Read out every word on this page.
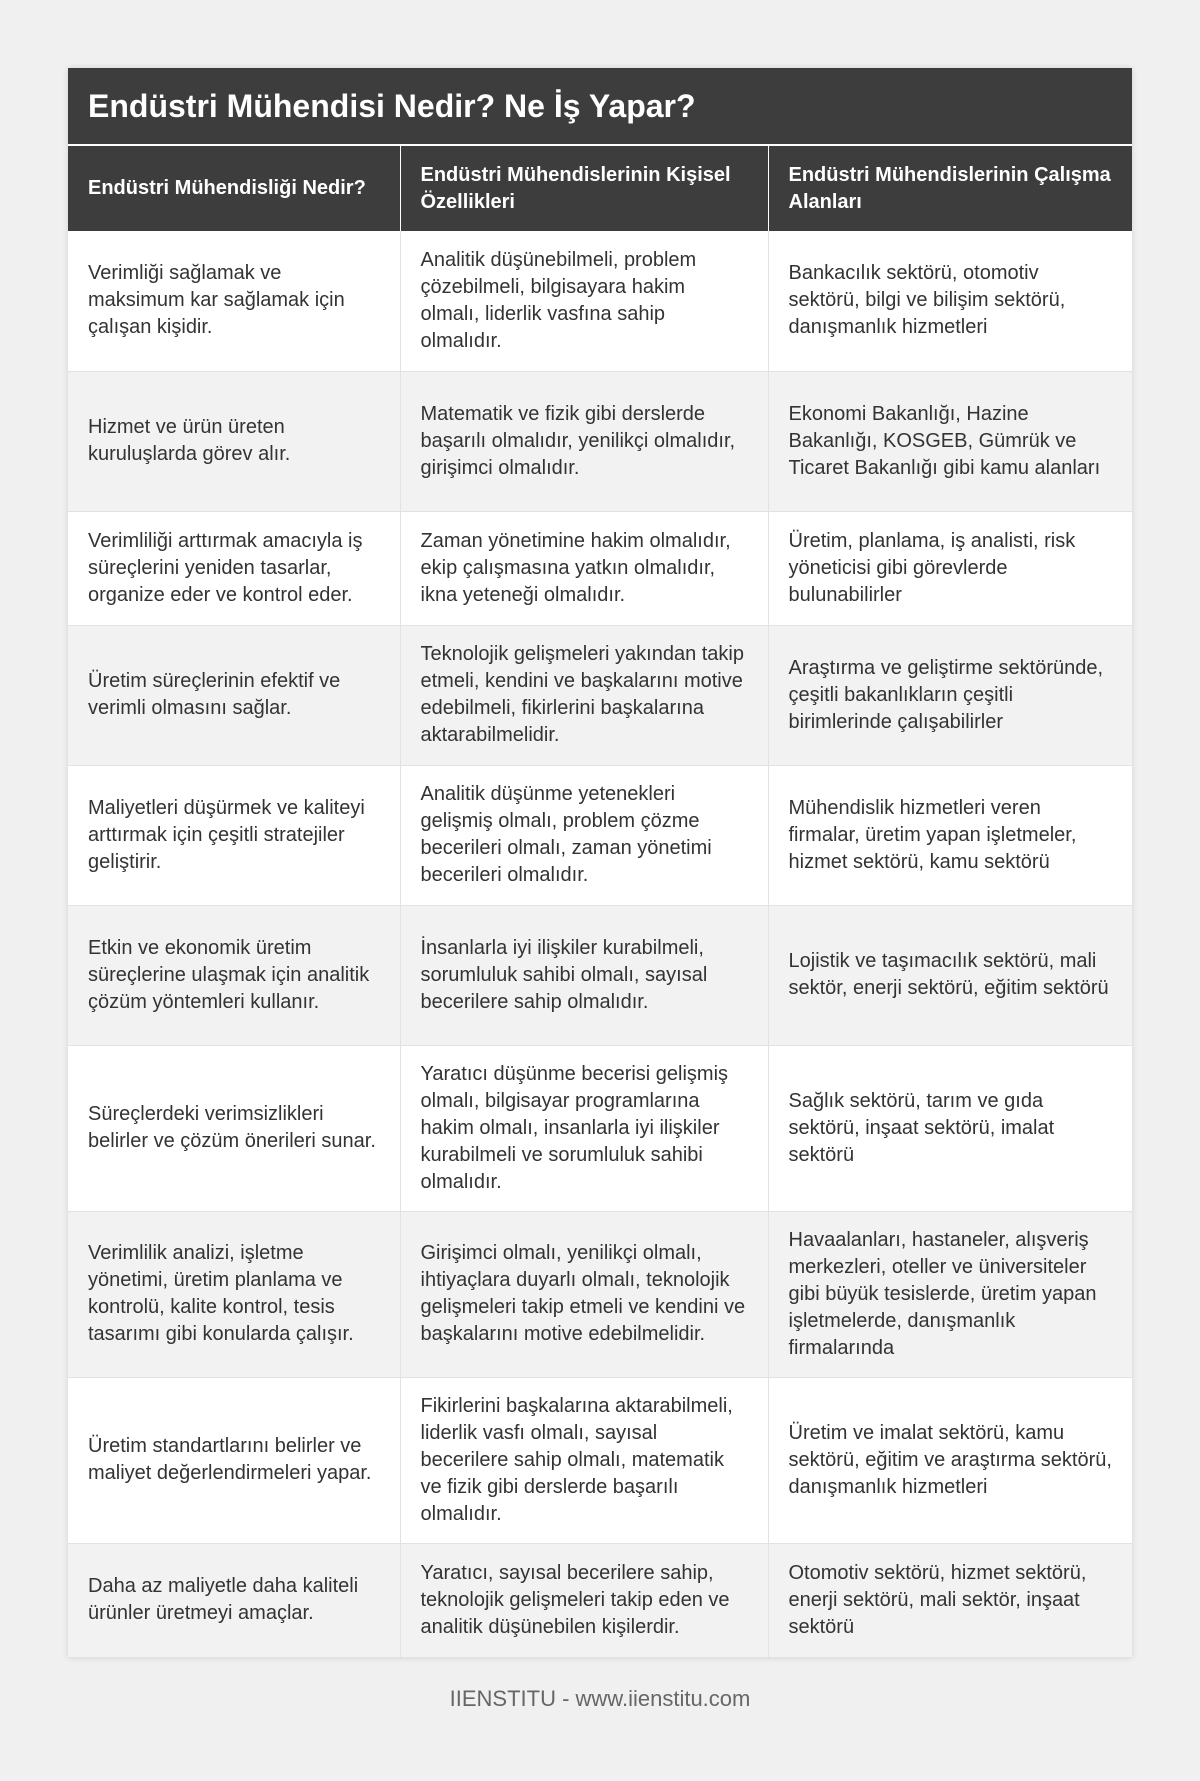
Endüstri Mühendisi Nedir? Ne İş Yapar?
Endüstri Mühendisliği Nedir?	Endüstri Mühendislerinin Kişisel Özellikleri	Endüstri Mühendislerinin Çalışma Alanları
Verimliği sağlamak ve maksimum kar sağlamak için çalışan kişidir.	Analitik düşünebilmeli, problem çözebilmeli, bilgisayara hakim olmalı, liderlik vasfına sahip olmalıdır.	Bankacılık sektörü, otomotiv sektörü, bilgi ve bilişim sektörü, danışmanlık hizmetleri
Hizmet ve ürün üreten kuruluşlarda görev alır.	Matematik ve fizik gibi derslerde başarılı olmalıdır, yenilikçi olmalıdır, girişimci olmalıdır.	Ekonomi Bakanlığı, Hazine Bakanlığı, KOSGEB, Gümrük ve Ticaret Bakanlığı gibi kamu alanları
Verimliliği arttırmak amacıyla iş süreçlerini yeniden tasarlar, organize eder ve kontrol eder.	Zaman yönetimine hakim olmalıdır, ekip çalışmasına yatkın olmalıdır, ikna yeteneği olmalıdır.	Üretim, planlama, iş analisti, risk yöneticisi gibi görevlerde bulunabilirler
Üretim süreçlerinin efektif ve verimli olmasını sağlar.	Teknolojik gelişmeleri yakından takip etmeli, kendini ve başkalarını motive edebilmeli, fikirlerini başkalarına aktarabilmelidir.	Araştırma ve geliştirme sektöründe, çeşitli bakanlıkların çeşitli birimlerinde çalışabilirler
Maliyetleri düşürmek ve kaliteyi arttırmak için çeşitli stratejiler geliştirir.	Analitik düşünme yetenekleri gelişmiş olmalı, problem çözme becerileri olmalı, zaman yönetimi becerileri olmalıdır.	Mühendislik hizmetleri veren firmalar, üretim yapan işletmeler, hizmet sektörü, kamu sektörü
Etkin ve ekonomik üretim süreçlerine ulaşmak için analitik çözüm yöntemleri kullanır.	İnsanlarla iyi ilişkiler kurabilmeli, sorumluluk sahibi olmalı, sayısal becerilere sahip olmalıdır.	Lojistik ve taşımacılık sektörü, mali sektör, enerji sektörü, eğitim sektörü
Süreçlerdeki verimsizlikleri belirler ve çözüm önerileri sunar.	Yaratıcı düşünme becerisi gelişmiş olmalı, bilgisayar programlarına hakim olmalı, insanlarla iyi ilişkiler kurabilmeli ve sorumluluk sahibi olmalıdır.	Sağlık sektörü, tarım ve gıda sektörü, inşaat sektörü, imalat sektörü
Verimlilik analizi, işletme yönetimi, üretim planlama ve kontrolü, kalite kontrol, tesis tasarımı gibi konularda çalışır.	Girişimci olmalı, yenilikçi olmalı, ihtiyaçlara duyarlı olmalı, teknolojik gelişmeleri takip etmeli ve kendini ve başkalarını motive edebilmelidir.	Havaalanları, hastaneler, alışveriş merkezleri, oteller ve üniversiteler gibi büyük tesislerde, üretim yapan işletmelerde, danışmanlık firmalarında
Üretim standartlarını belirler ve maliyet değerlendirmeleri yapar.	Fikirlerini başkalarına aktarabilmeli, liderlik vasfı olmalı, sayısal becerilere sahip olmalı, matematik ve fizik gibi derslerde başarılı olmalıdır.	Üretim ve imalat sektörü, kamu sektörü, eğitim ve araştırma sektörü, danışmanlık hizmetleri
Daha az maliyetle daha kaliteli ürünler üretmeyi amaçlar.	Yaratıcı, sayısal becerilere sahip, teknolojik gelişmeleri takip eden ve analitik düşünebilen kişilerdir.	Otomotiv sektörü, hizmet sektörü, enerji sektörü, mali sektör, inşaat sektörü
IIENSTITU - www.iienstitu.com
